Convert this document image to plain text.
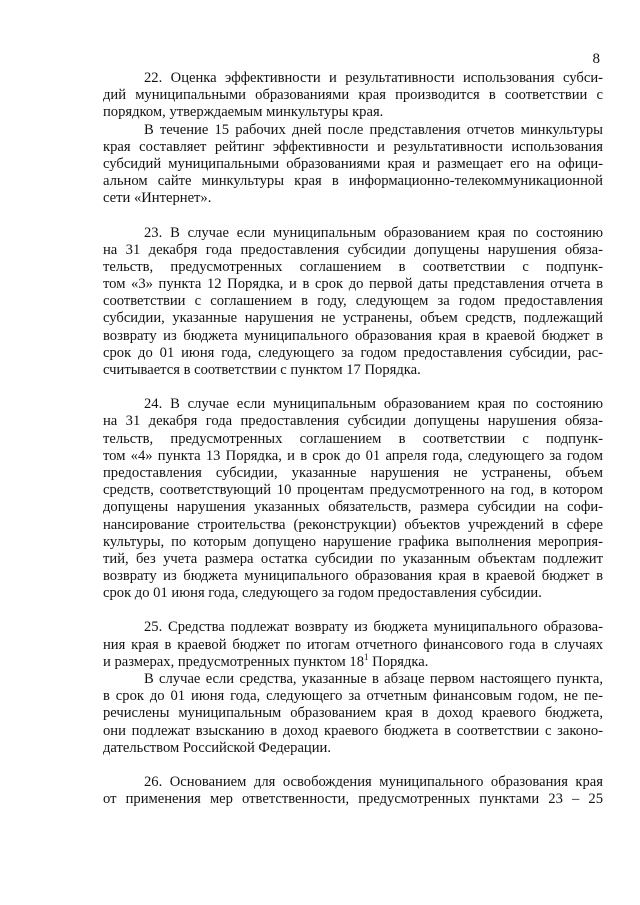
8
22. Оценка эффективности и результативности использования субси-
дий муниципальными образованиями края производится в соответствии с
порядком, утверждаемым минкультуры края.
В течение 15 рабочих дней после представления отчетов минкультуры
края составляет рейтинг эффективности и результативности использования
субсидий муниципальными образованиями края и размещает его на офици-
альном сайте минкультуры края в информационно-телекоммуникационной
сети «Интернет».
23. В случае если муниципальным образованием края по состоянию
на 31 декабря года предоставления субсидии допущены нарушения обяза-
тельств, предусмотренных соглашением в соответствии с подпунк-
том «3» пункта 12 Порядка, и в срок до первой даты представления отчета в
соответствии с соглашением в году, следующем за годом предоставления
субсидии, указанные нарушения не устранены, объем средств, подлежащий
возврату из бюджета муниципального образования края в краевой бюджет в
срок до 01 июня года, следующего за годом предоставления субсидии, рас-
считывается в соответствии с пунктом 17 Порядка.
24. В случае если муниципальным образованием края по состоянию
на 31 декабря года предоставления субсидии допущены нарушения обяза-
тельств, предусмотренных соглашением в соответствии с подпунк-
том «4» пункта 13 Порядка, и в срок до 01 апреля года, следующего за годом
предоставления субсидии, указанные нарушения не устранены, объем
средств, соответствующий 10 процентам предусмотренного на год, в котором
допущены нарушения указанных обязательств, размера субсидии на софи-
нансирование строительства (реконструкции) объектов учреждений в сфере
культуры, по которым допущено нарушение графика выполнения мероприя-
тий, без учета размера остатка субсидии по указанным объектам подлежит
возврату из бюджета муниципального образования края в краевой бюджет в
срок до 01 июня года, следующего за годом предоставления субсидии.
25. Средства подлежат возврату из бюджета муниципального образова-
ния края в краевой бюджет по итогам отчетного финансового года в случаях
и размерах, предусмотренных пунктом $18^1$ Порядка.
В случае если средства, указанные в абзаце первом настоящего пункта,
в срок до 01 июня года, следующего за отчетным финансовым годом, не пе-
речислены муниципальным образованием края в доход краевого бюджета,
они подлежат взысканию в доход краевого бюджета в соответствии с законо-
дательством Российской Федерации.
26. Основанием для освобождения муниципального образования края
от применения мер ответственности, предусмотренных пунктами 23 – 25
